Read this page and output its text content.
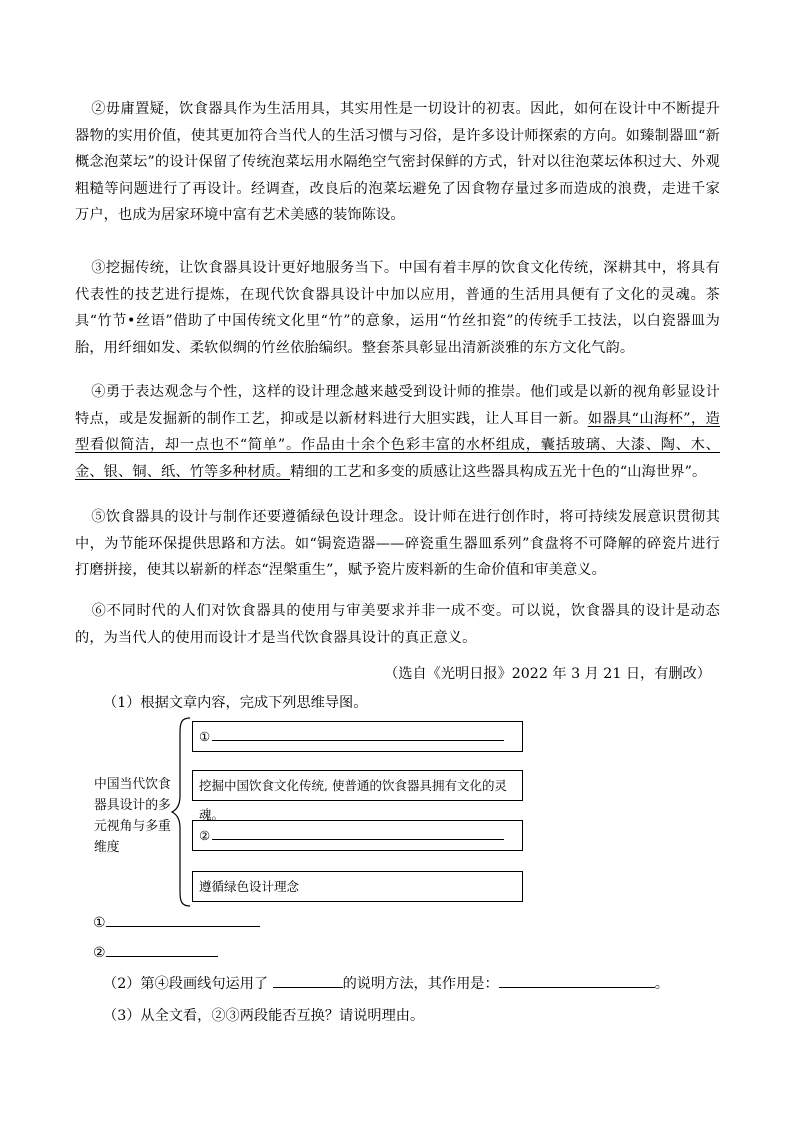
②毋庸置疑，饮食器具作为生活用具，其实用性是一切设计的初衷。因此，如何在设计中不断提升器物的实用价值，使其更加符合当代人的生活习惯与习俗，是许多设计师探索的方向。如臻制器皿“新概念泡菜坛”的设计保留了传统泡菜坛用水隔绝空气密封保鲜的方式，针对以往泡菜坛体积过大、外观粗糙等问题进行了再设计。经调查，改良后的泡菜坛避免了因食物存量过多而造成的浪费，走进千家万户，也成为居家环境中富有艺术美感的装饰陈设。

③挖掘传统，让饮食器具设计更好地服务当下。中国有着丰厚的饮食文化传统，深耕其中，将具有代表性的技艺进行提炼，在现代饮食器具设计中加以应用，普通的生活用具便有了文化的灵魂。茶具“竹节•丝语”借助了中国传统文化里“竹”的意象，运用“竹丝扣瓷”的传统手工技法，以白瓷器皿为胎，用纤细如发、柔软似绸的竹丝依胎编织。整套茶具彰显出清新淡雅的东方文化气韵。

④勇于表达观念与个性，这样的设计理念越来越受到设计师的推崇。他们或是以新的视角彰显设计特点，或是发掘新的制作工艺，抑或是以新材料进行大胆实践，让人耳目一新。如器具“山海杯”，造型看似简洁，却一点也不“简单”。作品由十余个色彩丰富的水杯组成，囊括玻璃、大漆、陶、木、金、银、铜、纸、竹等多种材质。精细的工艺和多变的质感让这些器具构成五光十色的“山海世界”。

⑤饮食器具的设计与制作还要遵循绿色设计理念。设计师在进行创作时，将可持续发展意识贯彻其中，为节能环保提供思路和方法。如“锔瓷造器——碎瓷重生器皿系列”食盘将不可降解的碎瓷片进行打磨拼接，使其以崭新的样态“涅槃重生”，赋予瓷片废料新的生命价值和审美意义。

⑥不同时代的人们对饮食器具的使用与审美要求并非一成不变。可以说，饮食器具的设计是动态的，为当代人的使用而设计才是当代饮食器具设计的真正意义。

（选自《光明日报》2022 年 3 月 21 日，有删改）
（1）根据文章内容，完成下列思维导图。
中国当代饮食器具设计的多元视角与多重维度
①
挖掘中国饮食文化传统, 使普通的饮食器具拥有文化的灵魂。
②
遵循绿色设计理念
①
②
（2）第④段画线句运用了	的说明方法，其作用是：	。
（3）从全文看，②③两段能否互换？请说明理由。
